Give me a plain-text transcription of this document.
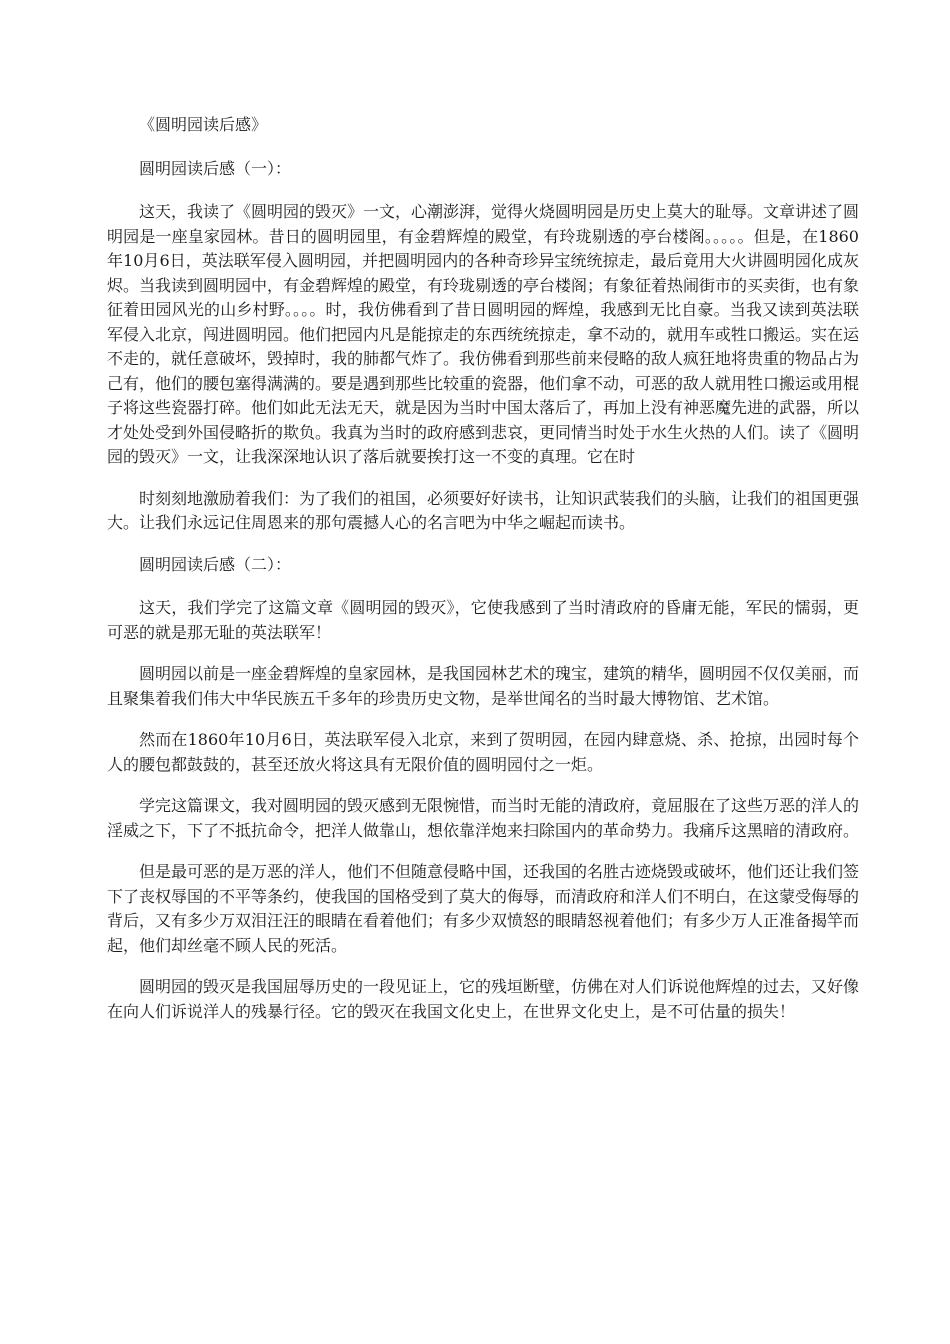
《圆明园读后感》

圆明园读后感（一）：

这天，我读了《圆明园的毁灭》一文，心潮澎湃，觉得火烧圆明园是历史上莫大的耻辱。文章讲述了圆明园是一座皇家园林。昔日的圆明园里，有金碧辉煌的殿堂，有玲珑剔透的亭台楼阁。。。。。但是，在1860年10月6日，英法联军侵入圆明园，并把圆明园内的各种奇珍异宝统统掠走，最后竟用大火讲圆明园化成灰烬。当我读到圆明园中，有金碧辉煌的殿堂，有玲珑剔透的亭台楼阁；有象征着热闹街市的买卖街，也有象征着田园风光的山乡村野。。。。时，我仿佛看到了昔日圆明园的辉煌，我感到无比自豪。当我又读到英法联军侵入北京，闯进圆明园。他们把园内凡是能掠走的东西统统掠走，拿不动的，就用车或牲口搬运。实在运不走的，就任意破坏，毁掉时，我的肺都气炸了。我仿佛看到那些前来侵略的敌人疯狂地将贵重的物品占为己有，他们的腰包塞得满满的。要是遇到那些比较重的瓷器，他们拿不动，可恶的敌人就用牲口搬运或用棍子将这些瓷器打碎。他们如此无法无天，就是因为当时中国太落后了，再加上没有神恶魔先进的武器，所以才处处受到外国侵略折的欺负。我真为当时的政府感到悲哀，更同情当时处于水生火热的人们。读了《圆明园的毁灭》一文，让我深深地认识了落后就要挨打这一不变的真理。它在时

时刻刻地激励着我们：为了我们的祖国，必须要好好读书，让知识武装我们的头脑，让我们的祖国更强大。让我们永远记住周恩来的那句震撼人心的名言吧为中华之崛起而读书。

圆明园读后感（二）：

这天，我们学完了这篇文章《圆明园的毁灭》，它使我感到了当时清政府的昏庸无能，军民的懦弱，更可恶的就是那无耻的英法联军！

圆明园以前是一座金碧辉煌的皇家园林，是我国园林艺术的瑰宝，建筑的精华，圆明园不仅仅美丽，而且聚集着我们伟大中华民族五千多年的珍贵历史文物，是举世闻名的当时最大博物馆、艺术馆。

然而在1860年10月6日，英法联军侵入北京，来到了贺明园，在园内肆意烧、杀、抢掠，出园时每个人的腰包都鼓鼓的，甚至还放火将这具有无限价值的圆明园付之一炬。

学完这篇课文，我对圆明园的毁灭感到无限惋惜，而当时无能的清政府，竟屈服在了这些万恶的洋人的淫威之下，下了不抵抗命令，把洋人做靠山，想依靠洋炮来扫除国内的革命势力。我痛斥这黑暗的清政府。

但是最可恶的是万恶的洋人，他们不但随意侵略中国，还我国的名胜古迹烧毁或破坏，他们还让我们签下了丧权辱国的不平等条约，使我国的国格受到了莫大的侮辱，而清政府和洋人们不明白，在这蒙受侮辱的背后，又有多少万双泪汪汪的眼睛在看着他们；有多少双愤怒的眼睛怒视着他们；有多少万人正准备揭竿而起，他们却丝毫不顾人民的死活。

圆明园的毁灭是我国屈辱历史的一段见证上，它的残垣断壁，仿佛在对人们诉说他辉煌的过去，又好像在向人们诉说洋人的残暴行径。它的毁灭在我国文化史上，在世界文化史上，是不可估量的损失！
